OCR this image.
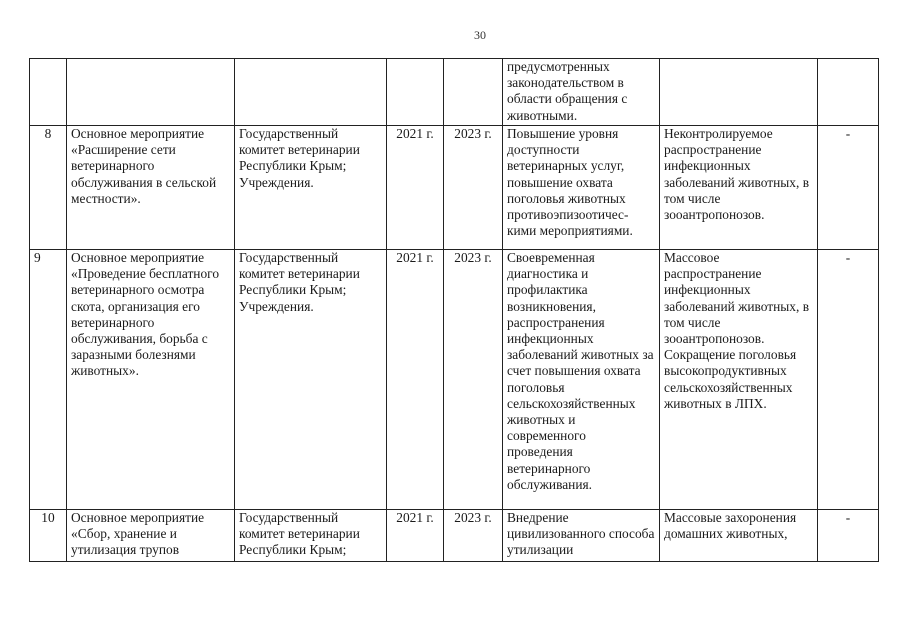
30
					предусмотренных законодательством в области обращения с животными.		
8	Основное мероприятие «Расширение сети ветеринарного обслуживания в сельской местности».	Государственный комитет ветеринарии Республики Крым; Учреждения.	2021 г.	2023 г.	Повышение уровня доступности ветеринарных услуг, повышение охвата поголовья животных противоэпизоотичес-кими мероприятиями.	Неконтролируемое распространение инфекционных заболеваний животных, в том числе зооантропонозов.	-
9	Основное мероприятие «Проведение бесплатного ветеринарного осмотра скота, организация его ветеринарного обслуживания, борьба с заразными болезнями животных».	Государственный комитет ветеринарии Республики Крым; Учреждения.	2021 г.	2023 г.	Своевременная диагностика и профилактика возникновения, распространения инфекционных заболеваний животных за счет повышения охвата поголовья сельскохозяйственных животных и современного проведения ветеринарного обслуживания.	Массовое распространение инфекционных заболеваний животных, в том числе зооантропонозов. Сокращение поголовья высокопродуктивных сельскохозяйственных животных в ЛПХ.	-
10	Основное мероприятие «Сбор, хранение и утилизация трупов	Государственный комитет ветеринарии Республики Крым;	2021 г.	2023 г.	Внедрение цивилизованного способа утилизации	Массовые захоронения домашних животных,	-
